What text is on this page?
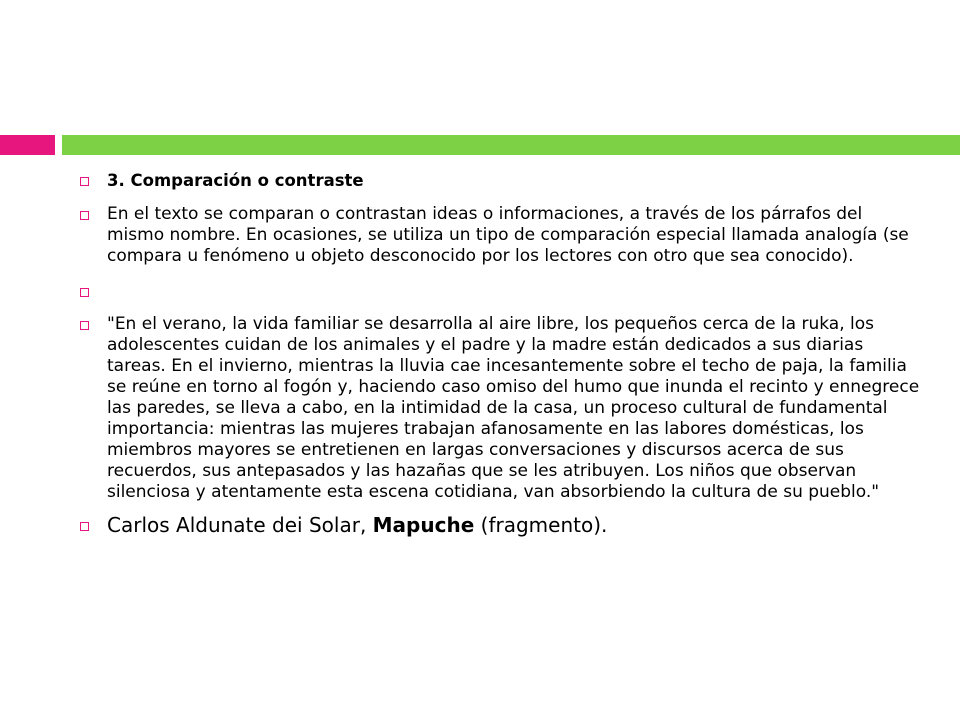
3. Comparación o contraste

En el texto se comparan o contrastan ideas o informaciones, a través de los párrafos del mismo nombre. En ocasiones, se utiliza un tipo de comparación especial llamada analogía (se compara u fenómeno u objeto desconocido por los lectores con otro que sea conocido).

"En el verano, la vida familiar se desarrolla al aire libre, los pequeños cerca de la ruka, los adolescentes cuidan de los animales y el padre y la madre están dedicados a sus diarias tareas. En el invierno, mientras la lluvia cae incesantemente sobre el techo de paja, la familia se reúne en torno al fogón y, haciendo caso omiso del humo que inunda el recinto y ennegrece las paredes, se lleva a cabo, en la intimidad de la casa, un proceso cultural de fundamental importancia: mientras las mujeres trabajan afanosamente en las labores domésticas, los miembros mayores se entretienen en largas conversaciones y discursos acerca de sus recuerdos, sus antepasados y las hazañas que se les atribuyen. Los niños que observan silenciosa y atentamente esta escena cotidiana, van absorbiendo la cultura de su pueblo."

Carlos Aldunate dei Solar, Mapuche (fragmento).
